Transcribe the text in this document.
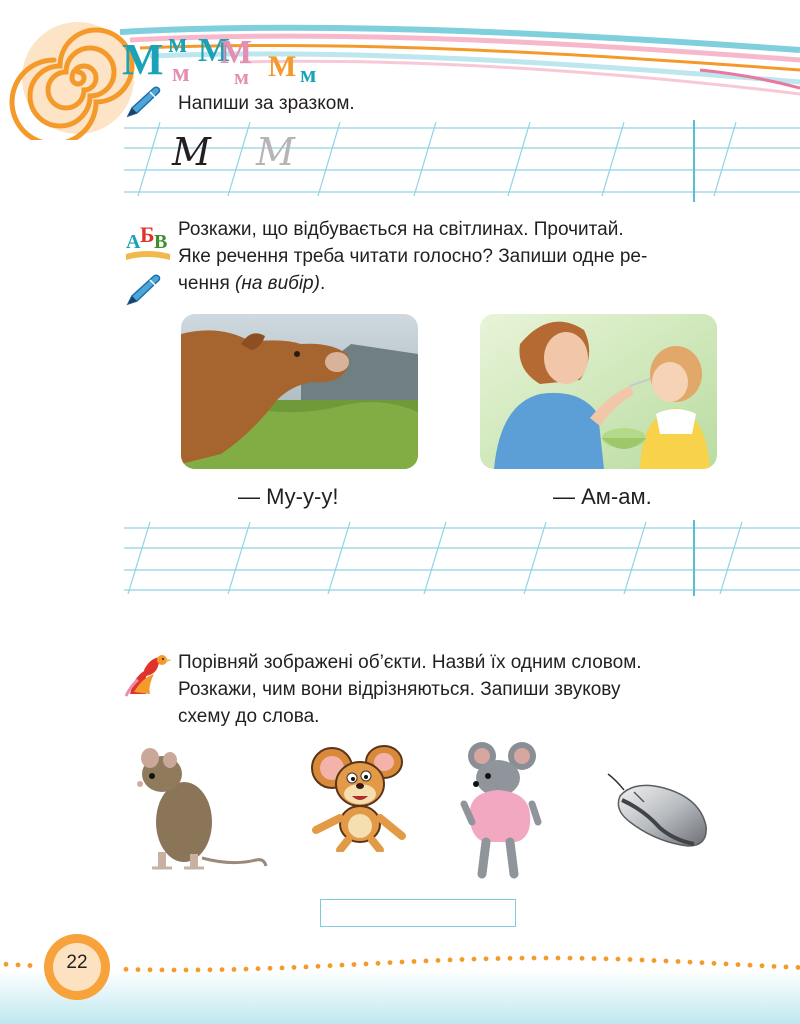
М м
м
М
М
м М м
Напиши за зразком.
М М
А Б В
Розкажи, що відбувається на світлинах. Прочитай.
Яке речення треба читати голосно? Запиши одне ре-
чення (на вибір).
— Му-у-у!	— Ам-ам.
Порівняй зображені об’єкти. Назви́ їх одним словом.
Розкажи, чим вони відрізняються. Запиши звукову
схему до слова.
22
